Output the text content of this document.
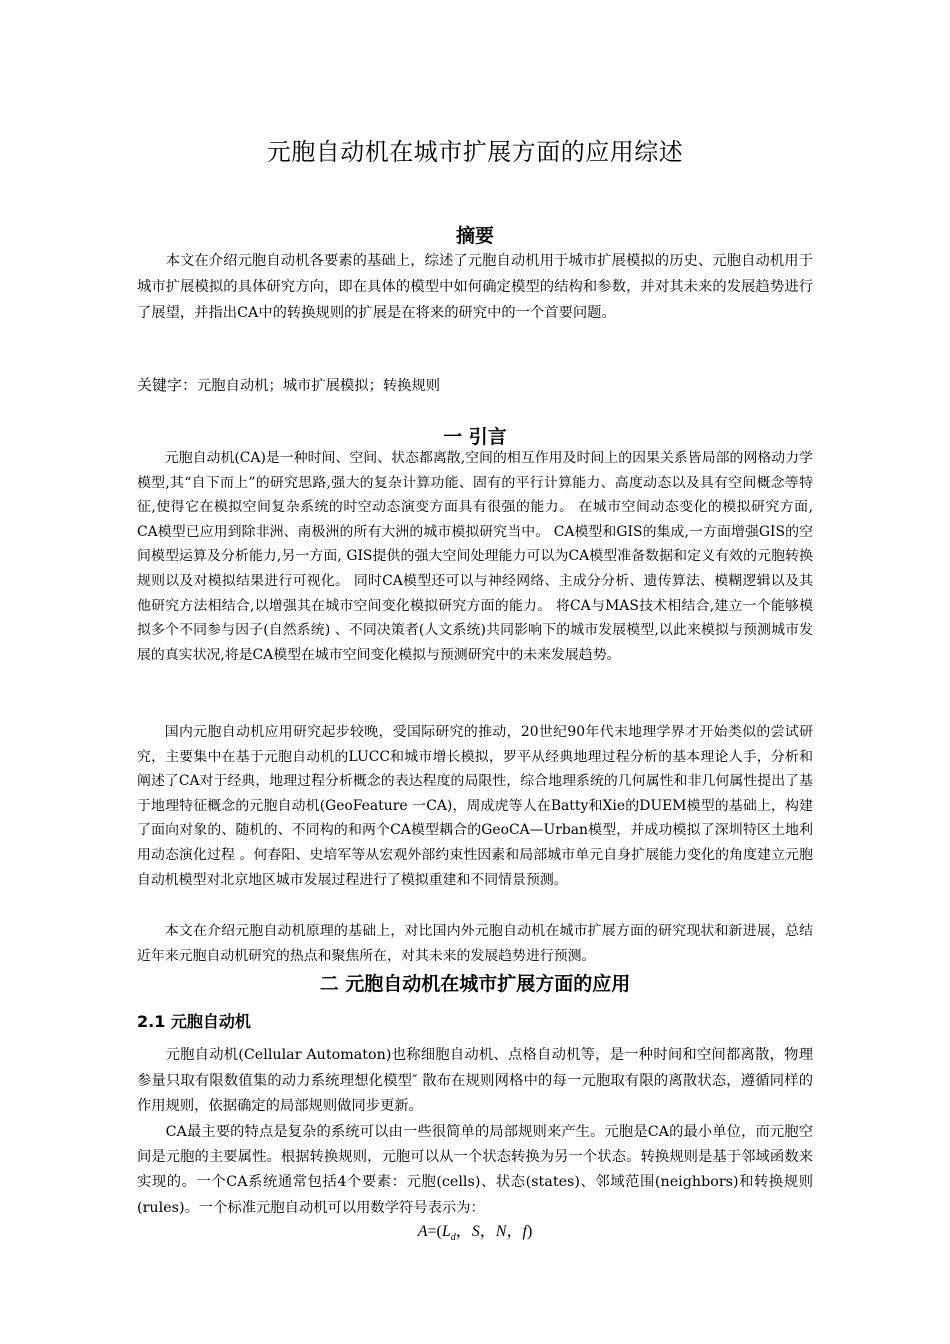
元胞自动机在城市扩展方面的应用综述
摘要
本文在介绍元胞自动机各要素的基础上，综述了元胞自动机用于城市扩展模拟的历史、元胞自动机用于城市扩展模拟的具体研究方向，即在具体的模型中如何确定模型的结构和参数，并对其未来的发展趋势进行了展望，并指出CA中的转换规则的扩展是在将来的研究中的一个首要问题。
关键字：元胞自动机；城市扩展模拟；转换规则
一 引言
元胞自动机(CA)是一种时间、空间、状态都离散,空间的相互作用及时间上的因果关系皆局部的网格动力学模型,其“自下而上”的研究思路,强大的复杂计算功能、固有的平行计算能力、高度动态以及具有空间概念等特征,使得它在模拟空间复杂系统的时空动态演变方面具有很强的能力。 在城市空间动态变化的模拟研究方面, CA模型已应用到除非洲、南极洲的所有大洲的城市模拟研究当中。 CA模型和GIS的集成,一方面增强GIS的空间模型运算及分析能力,另一方面, GIS提供的强大空间处理能力可以为CA模型准备数据和定义有效的元胞转换规则以及对模拟结果进行可视化。 同时CA模型还可以与神经网络、主成分分析、遗传算法、模糊逻辑以及其他研究方法相结合,以增强其在城市空间变化模拟研究方面的能力。 将CA与MAS技术相结合,建立一个能够模拟多个不同参与因子(自然系统) 、不同决策者(人文系统)共同影响下的城市发展模型,以此来模拟与预测城市发展的真实状况,将是CA模型在城市空间变化模拟与预测研究中的未来发展趋势。
国内元胞自动机应用研究起步较晚，受国际研究的推动，20世纪90年代末地理学界才开始类似的尝试研究，主要集中在基于元胞自动机的LUCC和城市增长模拟，罗平从经典地理过程分析的基本理论人手，分析和阐述了CA对于经典，地理过程分析概念的表达程度的局限性，综合地理系统的几何属性和非几何属性提出了基于地理特征概念的元胞自动机(GeoFeature 一CA)，周成虎等人在Batty和Xie的DUEM模型的基础上，构建了面向对象的、随机的、不同构的和两个CA模型耦合的GeoCA—Urban模型，并成功模拟了深圳特区土地利用动态演化过程 。何春阳、史培军等从宏观外部约束性因素和局部城市单元自身扩展能力变化的角度建立元胞自动机模型对北京地区城市发展过程进行了模拟重建和不同情景预测。
本文在介绍元胞自动机原理的基础上，对比国内外元胞自动机在城市扩展方面的研究现状和新进展，总结近年来元胞自动机研究的热点和聚焦所在，对其未来的发展趋势进行预测。
二 元胞自动机在城市扩展方面的应用
2.1 元胞自动机
元胞自动机(Cellular Automaton)也称细胞自动机、点格自动机等，是一种时间和空间都离散，物理参量只取有限数值集的动力系统理想化模型″ 散布在规则网格中的每一元胞取有限的离散状态，遵循同样的作用规则，依据确定的局部规则做同步更新。
CA最主要的特点是复杂的系统可以由一些很简单的局部规则来产生。元胞是CA的最小单位，而元胞空间是元胞的主要属性。根据转换规则，元胞可以从一个状态转换为另一个状态。转换规则是基于邻域函数来实现的。一个CA系统通常包括4个要素：元胞(cells)、状态(states)、邻域范围(neighbors)和转换规则(rules)。一个标准元胞自动机可以用数学符号表示为：
$A=(L_d$，S，N，f)
